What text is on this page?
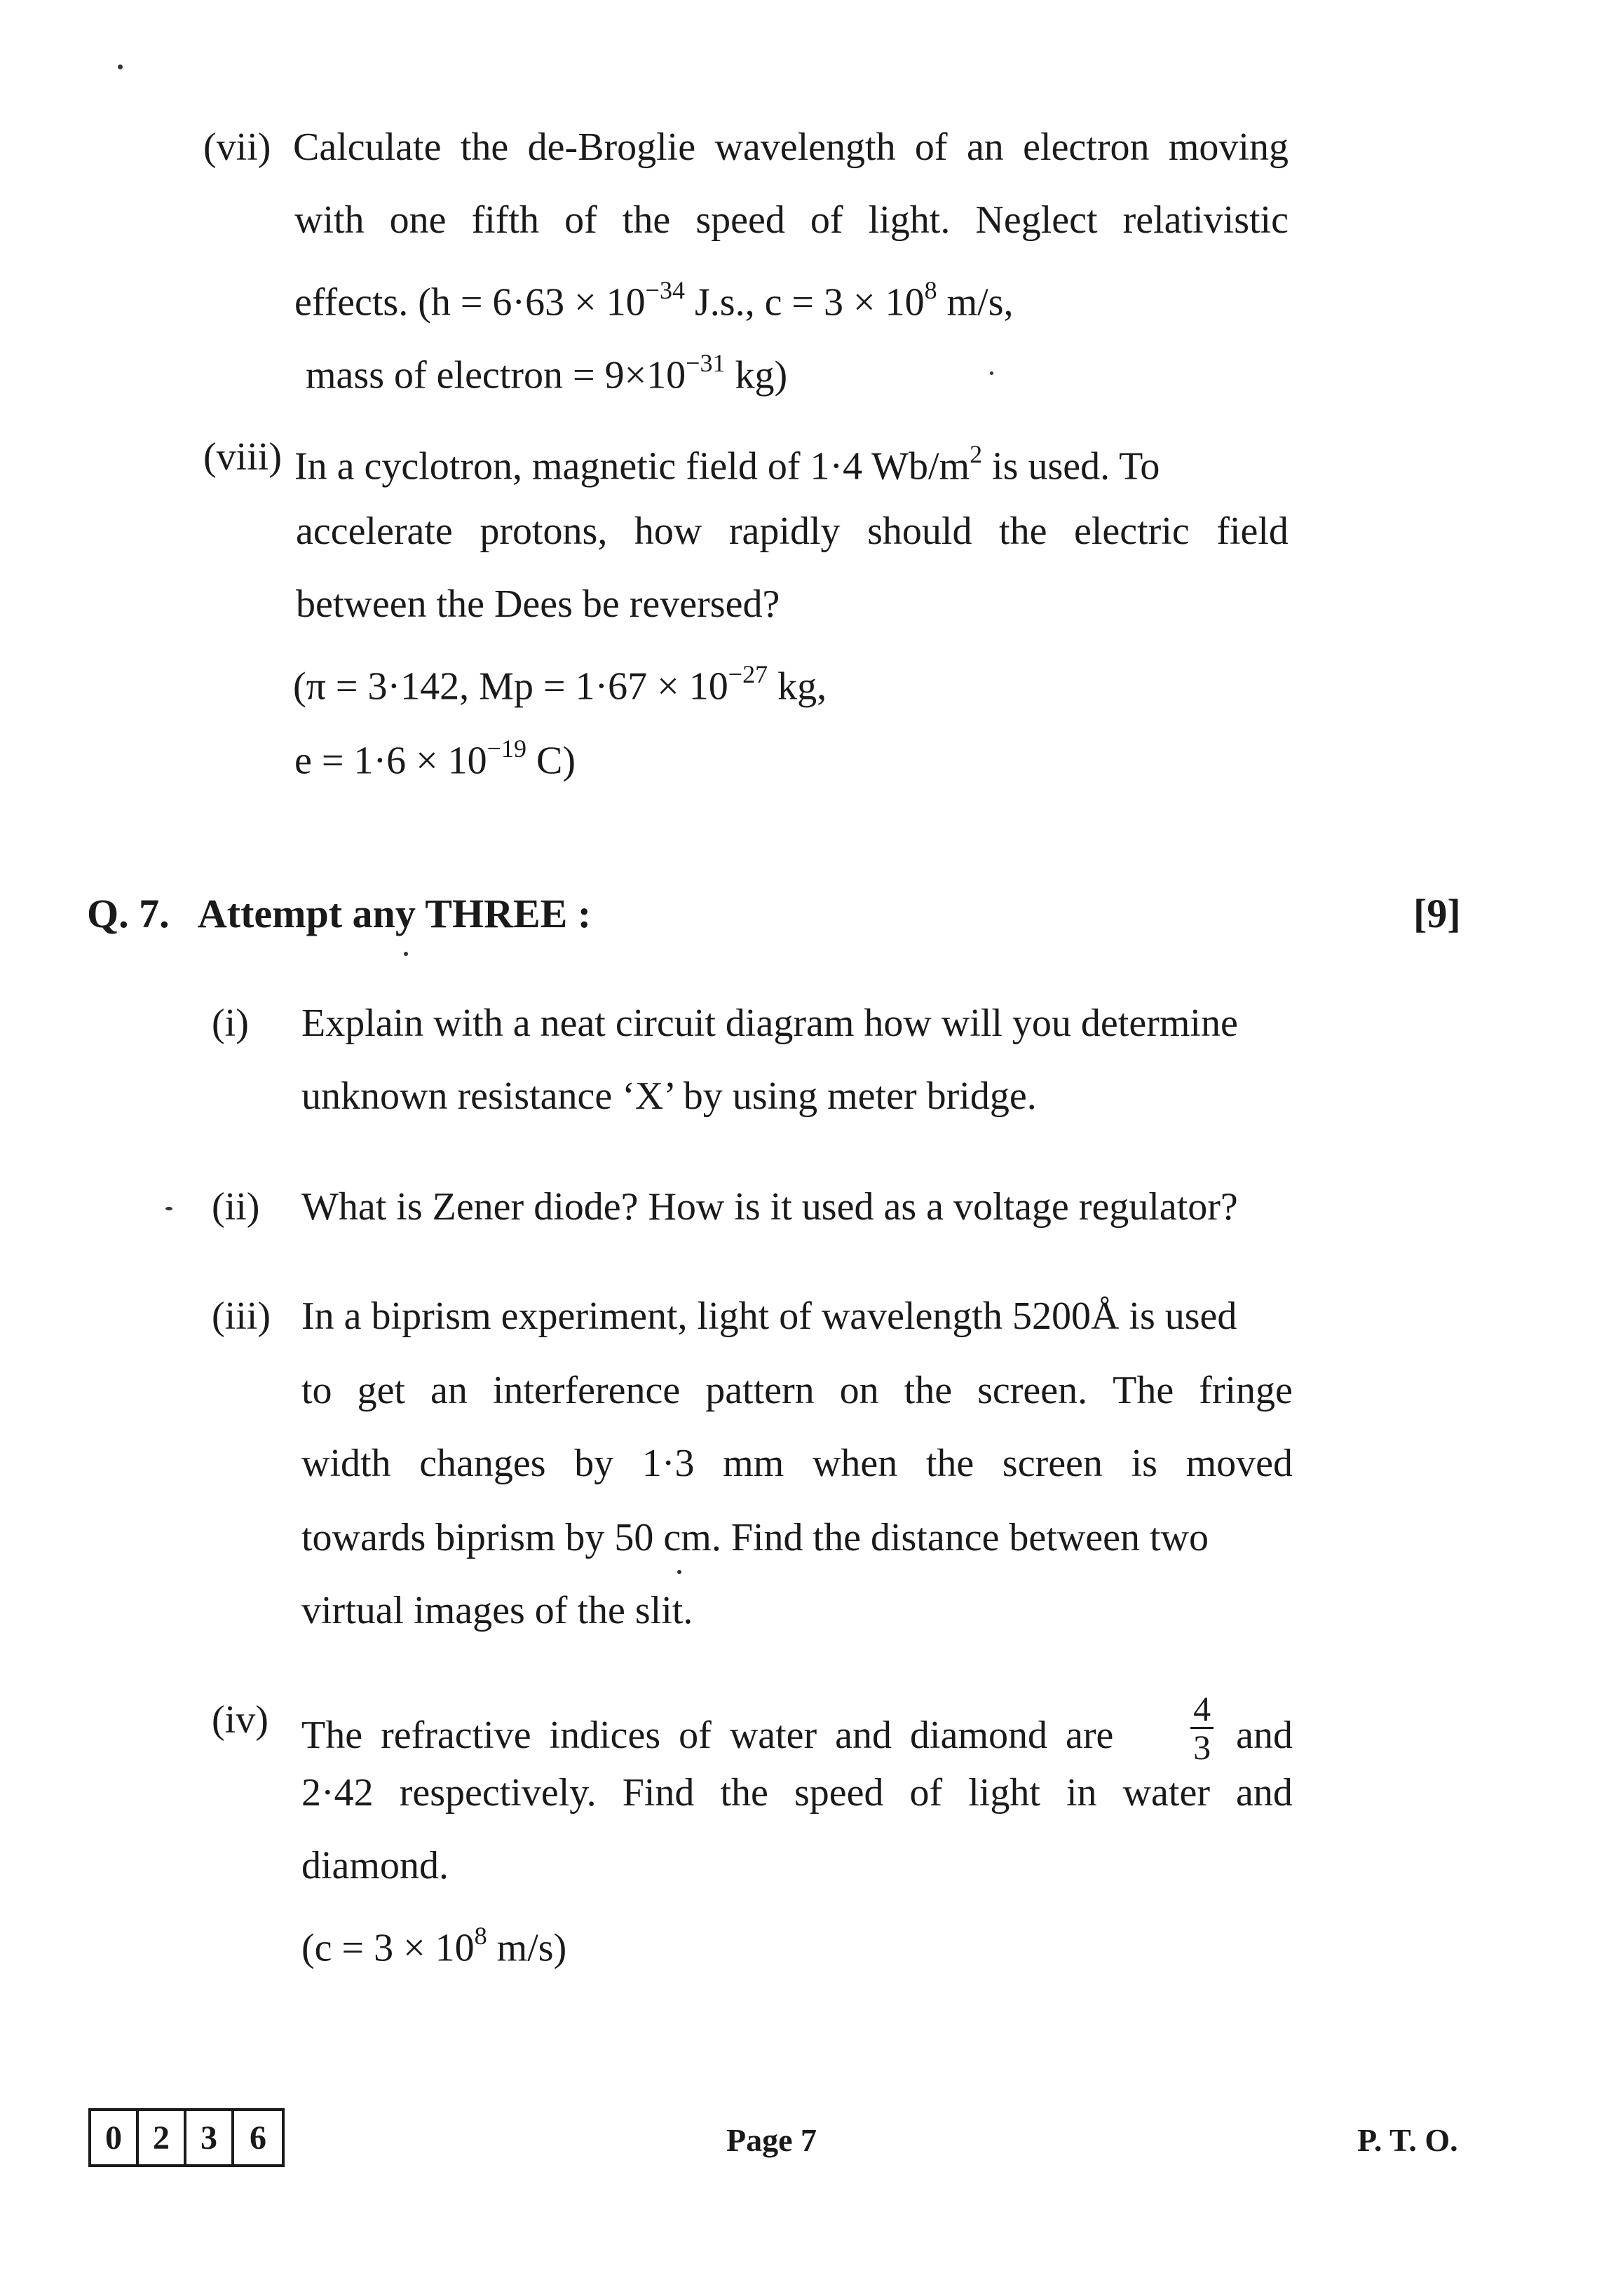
(vii) Calculate the de-Broglie wavelength of an electron moving
with one fifth of the speed of light. Neglect relativistic
effects. ($h = 6\cdot 63 \times 10^{-34}$ J.s., $c = 3 \times 10^8$ m/s,
mass of electron = $9\times 10^{-31}$ kg)
(viii) In a cyclotron, magnetic field of 1·4 $Wb/m^2$ is used. To
accelerate protons, how rapidly should the electric field
between the Dees be reversed?
(π = 3·142, $Mp = 1\cdot 67 \times 10^{-27}$ kg,
$e = 1\cdot 6 \times 10^{-19}$ C)
Q. 7.   Attempt any THREE :	[9]
(i) Explain with a neat circuit diagram how will you determine
unknown resistance ‘X’ by using meter bridge.
(ii) What is Zener diode? How is it used as a voltage regulator?
(iii) In a biprism experiment, light of wavelength 5200Å is used
to get an interference pattern on the screen. The fringe
width changes by 1·3 mm when the screen is moved
towards biprism by 50 cm. Find the distance between two
virtual images of the slit.
(iv) The refractive indices of water and diamond are $\frac{4}{3}$ and
2·42 respectively. Find the speed of light in water and
diamond.
($c = 3 \times 10^8$ m/s)
0 2 3 6	Page 7	P. T. O.
